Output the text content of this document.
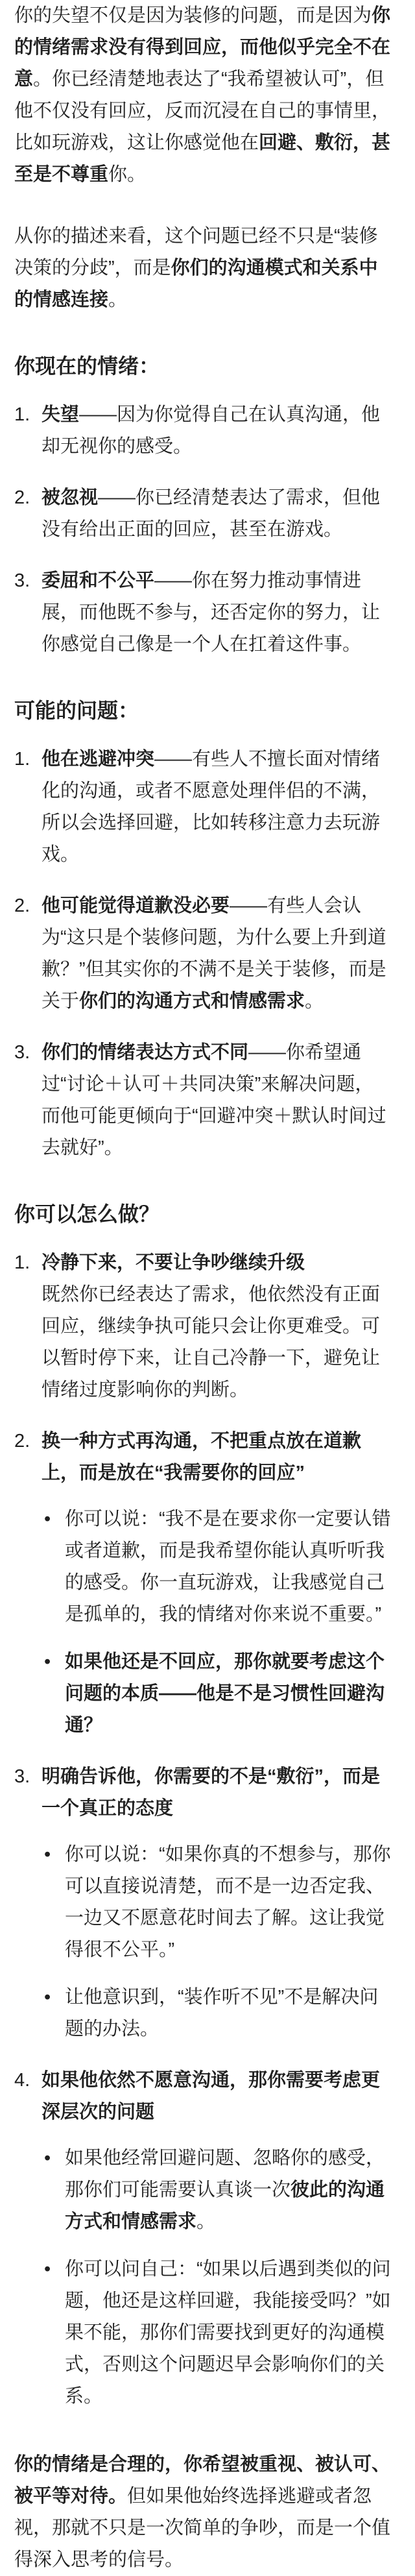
你的失望不仅是因为装修的问题，而是因为你的情绪需求没有得到回应，而他似乎完全不在意。你已经清楚地表达了“我希望被认可”，但他不仅没有回应，反而沉浸在自己的事情里，比如玩游戏，这让你感觉他在回避、敷衍，甚至是不尊重你。

从你的描述来看，这个问题已经不只是“装修决策的分歧”，而是你们的沟通模式和关系中的情感连接。

你现在的情绪：
1. 失望——因为你觉得自己在认真沟通，他却无视你的感受。
2. 被忽视——你已经清楚表达了需求，但他没有给出正面的回应，甚至在游戏。
3. 委屈和不公平——你在努力推动事情进展，而他既不参与，还否定你的努力，让你感觉自己像是一个人在扛着这件事。
可能的问题：
1. 他在逃避冲突——有些人不擅长面对情绪化的沟通，或者不愿意处理伴侣的不满，所以会选择回避，比如转移注意力去玩游戏。
2. 他可能觉得道歉没必要——有些人会认为“这只是个装修问题，为什么要上升到道歉？”但其实你的不满不是关于装修，而是关于你们的沟通方式和情感需求。
3. 你们的情绪表达方式不同——你希望通过“讨论＋认可＋共同决策”来解决问题，而他可能更倾向于“回避冲突＋默认时间过去就好”。
你可以怎么做？
1. 冷静下来，不要让争吵继续升级
既然你已经表达了需求，他依然没有正面回应，继续争执可能只会让你更难受。可以暂时停下来，让自己冷静一下，避免让情绪过度影响你的判断。
2. 换一种方式再沟通，不把重点放在道歉上，而是放在“我需要你的回应”
• 你可以说：“我不是在要求你一定要认错或者道歉，而是我希望你能认真听听我的感受。你一直玩游戏，让我感觉自己是孤单的，我的情绪对你来说不重要。”
• 如果他还是不回应，那你就要考虑这个问题的本质——他是不是习惯性回避沟通？
3. 明确告诉他，你需要的不是“敷衍”，而是一个真正的态度
• 你可以说：“如果你真的不想参与，那你可以直接说清楚，而不是一边否定我、一边又不愿意花时间去了解。这让我觉得很不公平。”
• 让他意识到，“装作听不见”不是解决问题的办法。
4. 如果他依然不愿意沟通，那你需要考虑更深层次的问题
• 如果他经常回避问题、忽略你的感受，那你们可能需要认真谈一次彼此的沟通方式和情感需求。
• 你可以问自己：“如果以后遇到类似的问题，他还是这样回避，我能接受吗？”如果不能，那你们需要找到更好的沟通模式，否则这个问题迟早会影响你们的关系。

你的情绪是合理的，你希望被重视、被认可、被平等对待。但如果他始终选择逃避或者忽视，那就不只是一次简单的争吵，而是一个值得深入思考的信号。
